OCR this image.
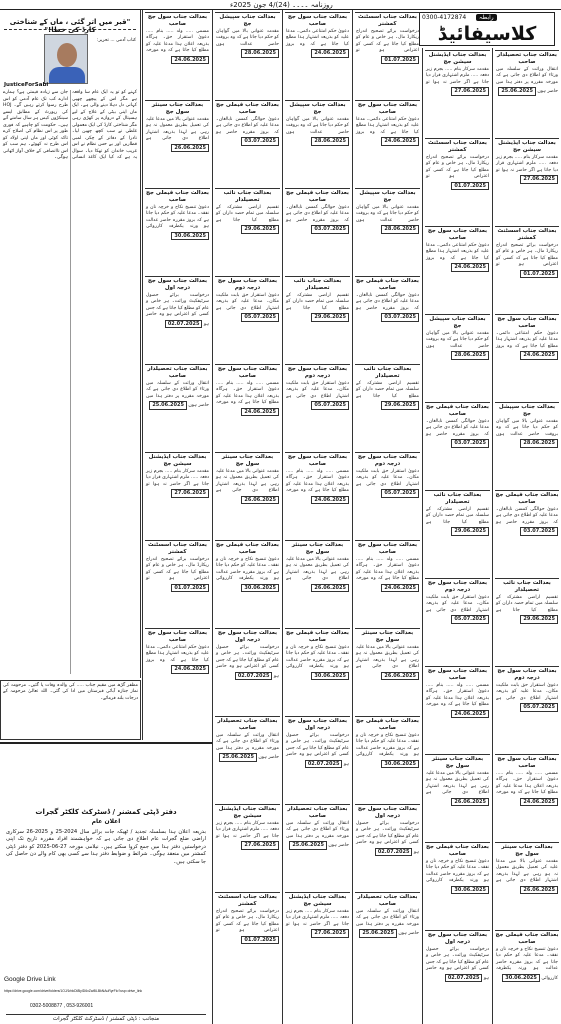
روزنامہ ۔۔۔۔ (24)/4 جون 2025ء
0300-4172874	رابطہ
کلاسیفائیڈ
"قبر میں اتر گئی ، ماں کے شناختی کارڈ کی خطا!"
کتاب آدمی ... تحریر:
JusticeForSabi
کہنے کو تو یہ ایک عام سا واقعہ ہے مگر اس کے پیچھے چھپی کہانی دل دہلا دینے والی ہے۔ ایک ماں اپنی بیٹی کے علاج کے لیے ہسپتال کے دروازے پر کھڑی رہی مگر شناختی کارڈ کی ایک معمولی غلطی نے سب کچھ چھین لیا۔ نادرا کے دفاتر کے چکر، لمبی قطاریں اور بے حس نظام نے اس غریب خاندان کو تھکا دیا۔ سوال یہ ہے کہ کیا ایک کاغذ انسانی جان سے زیادہ قیمتی ہے؟ ہمارے ادارے کب تک عام آدمی کو اس طرح رسوا کرتے رہیں گے۔ HOJ کی رپورٹ کے مطابق ایسے سینکڑوں کیس ہر سال سامنے آتے ہیں۔ حکومت کو چاہیے کہ فوری طور پر اس نظام کی اصلاح کرے تاکہ کوئی اور ماں اپنی اولاد کو اس طرح نہ کھوئے۔ ہم سب کو اس ناانصافی کے خلاف آواز اٹھانی ہوگی۔
مظفر گڑھ میں مقیم جناب ..... کی والدہ وفات پا گئیں۔ مرحومہ کی نماز جنازہ آبائی قبرستان میں ادا کی گئی۔ اللہ تعالیٰ مرحومہ کے درجات بلند فرمائے۔
بعدالت جناب سول جج صاحب
مسمی ..... ولد ..... بنام ..... دعویٰ استقرار حق۔ ہرگاہ بذریعہ اعلان ہذا مدعا علیہ کو مطلع کیا جاتا ہے کہ وہ مورخہ 24.06.2025
بعدالت جناب سینئر سول جج
مقدمہ عنوانی بالا میں مدعا علیہ کی تعمیل بطریق معمول نہ ہو رہی ہے لہذا بذریعہ اشتہار اطلاع دی جاتی ہے 26.06.2025
بعدالت جناب فیملی جج صاحب
دعویٰ تنسیخ نکاح و خرچہ نان و نفقہ۔ مدعا علیہ کو حکم دیا جاتا ہے کہ بروز مقررہ حاضر عدالت ہو ورنہ یکطرفہ کارروائی 30.06.2025
بعدالت جناب سول جج درجہ اول
درخواست برائے حصول سرٹیفکیٹ وراثت۔ ہر خاص و عام کو مطلع کیا جاتا ہے کہ جس کسی کو اعتراض ہو وہ حاضر ہو 02.07.2025
بعدالت جناب تحصیلدار صاحب
انتقال وراثت کے سلسلہ میں ورثاء کو اطلاع دی جاتی ہے کہ مورخہ مقررہ پر دفتر ہذا میں حاضر ہوں 25.06.2025
بعدالت جناب ایڈیشنل سیشن جج
مقدمہ سرکار بنام ..... بجرم زیر دفعہ ..... ملزم اشتہاری قرار دیا جاتا ہے اگر حاضر نہ ہوا تو 27.06.2025
بعدالت جناب اسسٹنٹ کمشنر
درخواست برائے تصحیح اندراج ریکارڈ مال۔ ہر خاص و عام کو مطلع کیا جاتا ہے کہ کسی کو اعتراض ہو تو 01.07.2025
بعدالت جناب سول جج صاحب
دعویٰ حکم امتناعی دائمی۔ مدعا علیہ کو بذریعہ اشتہار ہذا مطلع کیا جاتا ہے کہ وہ بروز 24.06.2025
بعدالت جناب سپیشل جج
مقدمہ عنوانی بالا میں گواہان کو حکم دیا جاتا ہے کہ وہ بروقت حاضر عدالت ہوں 28.06.2025
بعدالت جناب فیملی جج صاحب
دعویٰ حوالگی کمسن نابالغان۔ مدعا علیہ کو اطلاع دی جاتی ہے کہ بروز مقررہ حاضر ہو 03.07.2025
بعدالت جناب نائب تحصیلدار
تقسیم اراضی مشترکہ کے سلسلہ میں تمام حصہ داران کو مطلع کیا جاتا ہے 29.06.2025
بعدالت جناب سول جج درجہ دوم
دعویٰ استقرار حق بابت ملکیت مکان۔ مدعا علیہ کو بذریعہ اشتہار اطلاع دی جاتی ہے 05.07.2025
بعدالت جناب سول جج صاحب
مسمی ..... ولد ..... بنام ..... دعویٰ استقرار حق۔ ہرگاہ بذریعہ اعلان ہذا مدعا علیہ کو مطلع کیا جاتا ہے کہ وہ مورخہ 24.06.2025
بعدالت جناب سینئر سول جج
مقدمہ عنوانی بالا میں مدعا علیہ کی تعمیل بطریق معمول نہ ہو رہی ہے لہذا بذریعہ اشتہار اطلاع دی جاتی ہے 26.06.2025
بعدالت جناب فیملی جج صاحب
دعویٰ تنسیخ نکاح و خرچہ نان و نفقہ۔ مدعا علیہ کو حکم دیا جاتا ہے کہ بروز مقررہ حاضر عدالت ہو ورنہ یکطرفہ کارروائی 30.06.2025
بعدالت جناب سول جج درجہ اول
درخواست برائے حصول سرٹیفکیٹ وراثت۔ ہر خاص و عام کو مطلع کیا جاتا ہے کہ جس کسی کو اعتراض ہو وہ حاضر ہو 02.07.2025
بعدالت جناب تحصیلدار صاحب
انتقال وراثت کے سلسلہ میں ورثاء کو اطلاع دی جاتی ہے کہ مورخہ مقررہ پر دفتر ہذا میں حاضر ہوں 25.06.2025
بعدالت جناب ایڈیشنل سیشن جج
مقدمہ سرکار بنام ..... بجرم زیر دفعہ ..... ملزم اشتہاری قرار دیا جاتا ہے اگر حاضر نہ ہوا تو 27.06.2025
بعدالت جناب اسسٹنٹ کمشنر
درخواست برائے تصحیح اندراج ریکارڈ مال۔ ہر خاص و عام کو مطلع کیا جاتا ہے کہ کسی کو اعتراض ہو تو 01.07.2025
بعدالت جناب سول جج صاحب
دعویٰ حکم امتناعی دائمی۔ مدعا علیہ کو بذریعہ اشتہار ہذا مطلع کیا جاتا ہے کہ وہ بروز 24.06.2025
بعدالت جناب سپیشل جج
مقدمہ عنوانی بالا میں گواہان کو حکم دیا جاتا ہے کہ وہ بروقت حاضر عدالت ہوں 28.06.2025
بعدالت جناب فیملی جج صاحب
دعویٰ حوالگی کمسن نابالغان۔ مدعا علیہ کو اطلاع دی جاتی ہے کہ بروز مقررہ حاضر ہو 03.07.2025
بعدالت جناب نائب تحصیلدار
تقسیم اراضی مشترکہ کے سلسلہ میں تمام حصہ داران کو مطلع کیا جاتا ہے 29.06.2025
بعدالت جناب سول جج درجہ دوم
دعویٰ استقرار حق بابت ملکیت مکان۔ مدعا علیہ کو بذریعہ اشتہار اطلاع دی جاتی ہے 05.07.2025
بعدالت جناب سول جج صاحب
مسمی ..... ولد ..... بنام ..... دعویٰ استقرار حق۔ ہرگاہ بذریعہ اعلان ہذا مدعا علیہ کو مطلع کیا جاتا ہے کہ وہ مورخہ 24.06.2025
بعدالت جناب سینئر سول جج
مقدمہ عنوانی بالا میں مدعا علیہ کی تعمیل بطریق معمول نہ ہو رہی ہے لہذا بذریعہ اشتہار اطلاع دی جاتی ہے 26.06.2025
بعدالت جناب فیملی جج صاحب
دعویٰ تنسیخ نکاح و خرچہ نان و نفقہ۔ مدعا علیہ کو حکم دیا جاتا ہے کہ بروز مقررہ حاضر عدالت ہو ورنہ یکطرفہ کارروائی 30.06.2025
بعدالت جناب سول جج درجہ اول
درخواست برائے حصول سرٹیفکیٹ وراثت۔ ہر خاص و عام کو مطلع کیا جاتا ہے کہ جس کسی کو اعتراض ہو وہ حاضر ہو 02.07.2025
بعدالت جناب تحصیلدار صاحب
انتقال وراثت کے سلسلہ میں ورثاء کو اطلاع دی جاتی ہے کہ مورخہ مقررہ پر دفتر ہذا میں حاضر ہوں 25.06.2025
بعدالت جناب ایڈیشنل سیشن جج
مقدمہ سرکار بنام ..... بجرم زیر دفعہ ..... ملزم اشتہاری قرار دیا جاتا ہے اگر حاضر نہ ہوا تو 27.06.2025
بعدالت جناب اسسٹنٹ کمشنر
درخواست برائے تصحیح اندراج ریکارڈ مال۔ ہر خاص و عام کو مطلع کیا جاتا ہے کہ کسی کو اعتراض ہو تو 01.07.2025
بعدالت جناب سول جج صاحب
دعویٰ حکم امتناعی دائمی۔ مدعا علیہ کو بذریعہ اشتہار ہذا مطلع کیا جاتا ہے کہ وہ بروز 24.06.2025
بعدالت جناب سپیشل جج
مقدمہ عنوانی بالا میں گواہان کو حکم دیا جاتا ہے کہ وہ بروقت حاضر عدالت ہوں 28.06.2025
بعدالت جناب فیملی جج صاحب
دعویٰ حوالگی کمسن نابالغان۔ مدعا علیہ کو اطلاع دی جاتی ہے کہ بروز مقررہ حاضر ہو 03.07.2025
بعدالت جناب نائب تحصیلدار
تقسیم اراضی مشترکہ کے سلسلہ میں تمام حصہ داران کو مطلع کیا جاتا ہے 29.06.2025
بعدالت جناب سول جج درجہ دوم
دعویٰ استقرار حق بابت ملکیت مکان۔ مدعا علیہ کو بذریعہ اشتہار اطلاع دی جاتی ہے 05.07.2025
بعدالت جناب سول جج صاحب
مسمی ..... ولد ..... بنام ..... دعویٰ استقرار حق۔ ہرگاہ بذریعہ اعلان ہذا مدعا علیہ کو مطلع کیا جاتا ہے کہ وہ مورخہ 24.06.2025
بعدالت جناب سینئر سول جج
مقدمہ عنوانی بالا میں مدعا علیہ کی تعمیل بطریق معمول نہ ہو رہی ہے لہذا بذریعہ اشتہار اطلاع دی جاتی ہے 26.06.2025
بعدالت جناب فیملی جج صاحب
دعویٰ تنسیخ نکاح و خرچہ نان و نفقہ۔ مدعا علیہ کو حکم دیا جاتا ہے کہ بروز مقررہ حاضر عدالت ہو ورنہ یکطرفہ کارروائی 30.06.2025
بعدالت جناب سول جج درجہ اول
درخواست برائے حصول سرٹیفکیٹ وراثت۔ ہر خاص و عام کو مطلع کیا جاتا ہے کہ جس کسی کو اعتراض ہو وہ حاضر ہو 02.07.2025
بعدالت جناب تحصیلدار صاحب
انتقال وراثت کے سلسلہ میں ورثاء کو اطلاع دی جاتی ہے کہ مورخہ مقررہ پر دفتر ہذا میں حاضر ہوں 25.06.2025
بعدالت جناب ایڈیشنل سیشن جج
مقدمہ سرکار بنام ..... بجرم زیر دفعہ ..... ملزم اشتہاری قرار دیا جاتا ہے اگر حاضر نہ ہوا تو 27.06.2025
بعدالت جناب اسسٹنٹ کمشنر
درخواست برائے تصحیح اندراج ریکارڈ مال۔ ہر خاص و عام کو مطلع کیا جاتا ہے کہ کسی کو اعتراض ہو تو 01.07.2025
بعدالت جناب سول جج صاحب
دعویٰ حکم امتناعی دائمی۔ مدعا علیہ کو بذریعہ اشتہار ہذا مطلع کیا جاتا ہے کہ وہ بروز 24.06.2025
بعدالت جناب سپیشل جج
مقدمہ عنوانی بالا میں گواہان کو حکم دیا جاتا ہے کہ وہ بروقت حاضر عدالت ہوں 28.06.2025
بعدالت جناب فیملی جج صاحب
دعویٰ حوالگی کمسن نابالغان۔ مدعا علیہ کو اطلاع دی جاتی ہے کہ بروز مقررہ حاضر ہو 03.07.2025
بعدالت جناب نائب تحصیلدار
تقسیم اراضی مشترکہ کے سلسلہ میں تمام حصہ داران کو مطلع کیا جاتا ہے 29.06.2025
بعدالت جناب سول جج درجہ دوم
دعویٰ استقرار حق بابت ملکیت مکان۔ مدعا علیہ کو بذریعہ اشتہار اطلاع دی جاتی ہے 05.07.2025
بعدالت جناب سول جج صاحب
مسمی ..... ولد ..... بنام ..... دعویٰ استقرار حق۔ ہرگاہ بذریعہ اعلان ہذا مدعا علیہ کو مطلع کیا جاتا ہے کہ وہ مورخہ 24.06.2025
بعدالت جناب سینئر سول جج
مقدمہ عنوانی بالا میں مدعا علیہ کی تعمیل بطریق معمول نہ ہو رہی ہے لہذا بذریعہ اشتہار اطلاع دی جاتی ہے 26.06.2025
بعدالت جناب فیملی جج صاحب
دعویٰ تنسیخ نکاح و خرچہ نان و نفقہ۔ مدعا علیہ کو حکم دیا جاتا ہے کہ بروز مقررہ حاضر عدالت ہو ورنہ یکطرفہ کارروائی 30.06.2025
بعدالت جناب سول جج درجہ اول
درخواست برائے حصول سرٹیفکیٹ وراثت۔ ہر خاص و عام کو مطلع کیا جاتا ہے کہ جس کسی کو اعتراض ہو وہ حاضر ہو 02.07.2025
بعدالت جناب تحصیلدار صاحب
انتقال وراثت کے سلسلہ میں ورثاء کو اطلاع دی جاتی ہے کہ مورخہ مقررہ پر دفتر ہذا میں حاضر ہوں 25.06.2025
بعدالت جناب ایڈیشنل سیشن جج
مقدمہ سرکار بنام ..... بجرم زیر دفعہ ..... ملزم اشتہاری قرار دیا جاتا ہے اگر حاضر نہ ہوا تو 27.06.2025
بعدالت جناب اسسٹنٹ کمشنر
درخواست برائے تصحیح اندراج ریکارڈ مال۔ ہر خاص و عام کو مطلع کیا جاتا ہے کہ کسی کو اعتراض ہو تو 01.07.2025
بعدالت جناب سول جج صاحب
دعویٰ حکم امتناعی دائمی۔ مدعا علیہ کو بذریعہ اشتہار ہذا مطلع کیا جاتا ہے کہ وہ بروز 24.06.2025
بعدالت جناب سپیشل جج
مقدمہ عنوانی بالا میں گواہان کو حکم دیا جاتا ہے کہ وہ بروقت حاضر عدالت ہوں 28.06.2025
بعدالت جناب فیملی جج صاحب
دعویٰ حوالگی کمسن نابالغان۔ مدعا علیہ کو اطلاع دی جاتی ہے کہ بروز مقررہ حاضر ہو 03.07.2025
بعدالت جناب نائب تحصیلدار
تقسیم اراضی مشترکہ کے سلسلہ میں تمام حصہ داران کو مطلع کیا جاتا ہے 29.06.2025
بعدالت جناب سول جج درجہ دوم
دعویٰ استقرار حق بابت ملکیت مکان۔ مدعا علیہ کو بذریعہ اشتہار اطلاع دی جاتی ہے 05.07.2025
بعدالت جناب سول جج صاحب
مسمی ..... ولد ..... بنام ..... دعویٰ استقرار حق۔ ہرگاہ بذریعہ اعلان ہذا مدعا علیہ کو مطلع کیا جاتا ہے کہ وہ مورخہ 24.06.2025
بعدالت جناب سینئر سول جج
مقدمہ عنوانی بالا میں مدعا علیہ کی تعمیل بطریق معمول نہ ہو رہی ہے لہذا بذریعہ اشتہار اطلاع دی جاتی ہے 26.06.2025
بعدالت جناب فیملی جج صاحب
دعویٰ تنسیخ نکاح و خرچہ نان و نفقہ۔ مدعا علیہ کو حکم دیا جاتا ہے کہ بروز مقررہ حاضر عدالت ہو ورنہ یکطرفہ کارروائی 30.06.2025
دفتر ڈپٹی کمشنر / ڈسٹرکٹ کلکٹر گجرات
اعلان عام
بذریعہ اعلان ہذا بسلسلہ تجدید / ٹھیکہ جات برائے سال 2024-25 و 2025-26 سرکاری اراضی ضلع گجرات عام اطلاع دی جاتی ہے کہ خواہشمند افراد مقررہ تاریخ تک اپنی درخواستیں دفتر ہذا میں جمع کروا سکتے ہیں۔ نیلامی مورخہ 27-06-2025 کو دفتر ڈپٹی کمشنر میں منعقد ہوگی۔ شرائط و ضوابط دفتر ہذا سے کسی بھی کام والے دن حاصل کی جا سکتی ہیں۔
Google Drive Link
https://drive.google.com/drive/folders/1OJ/1rbkDI8lyID6vZw8lLBkNAuRyrFlo?usp=drive_link
0302-5008877 , 053-926001
منجانب : ڈپٹی کمشنر / ڈسٹرکٹ کلکٹر گجرات
